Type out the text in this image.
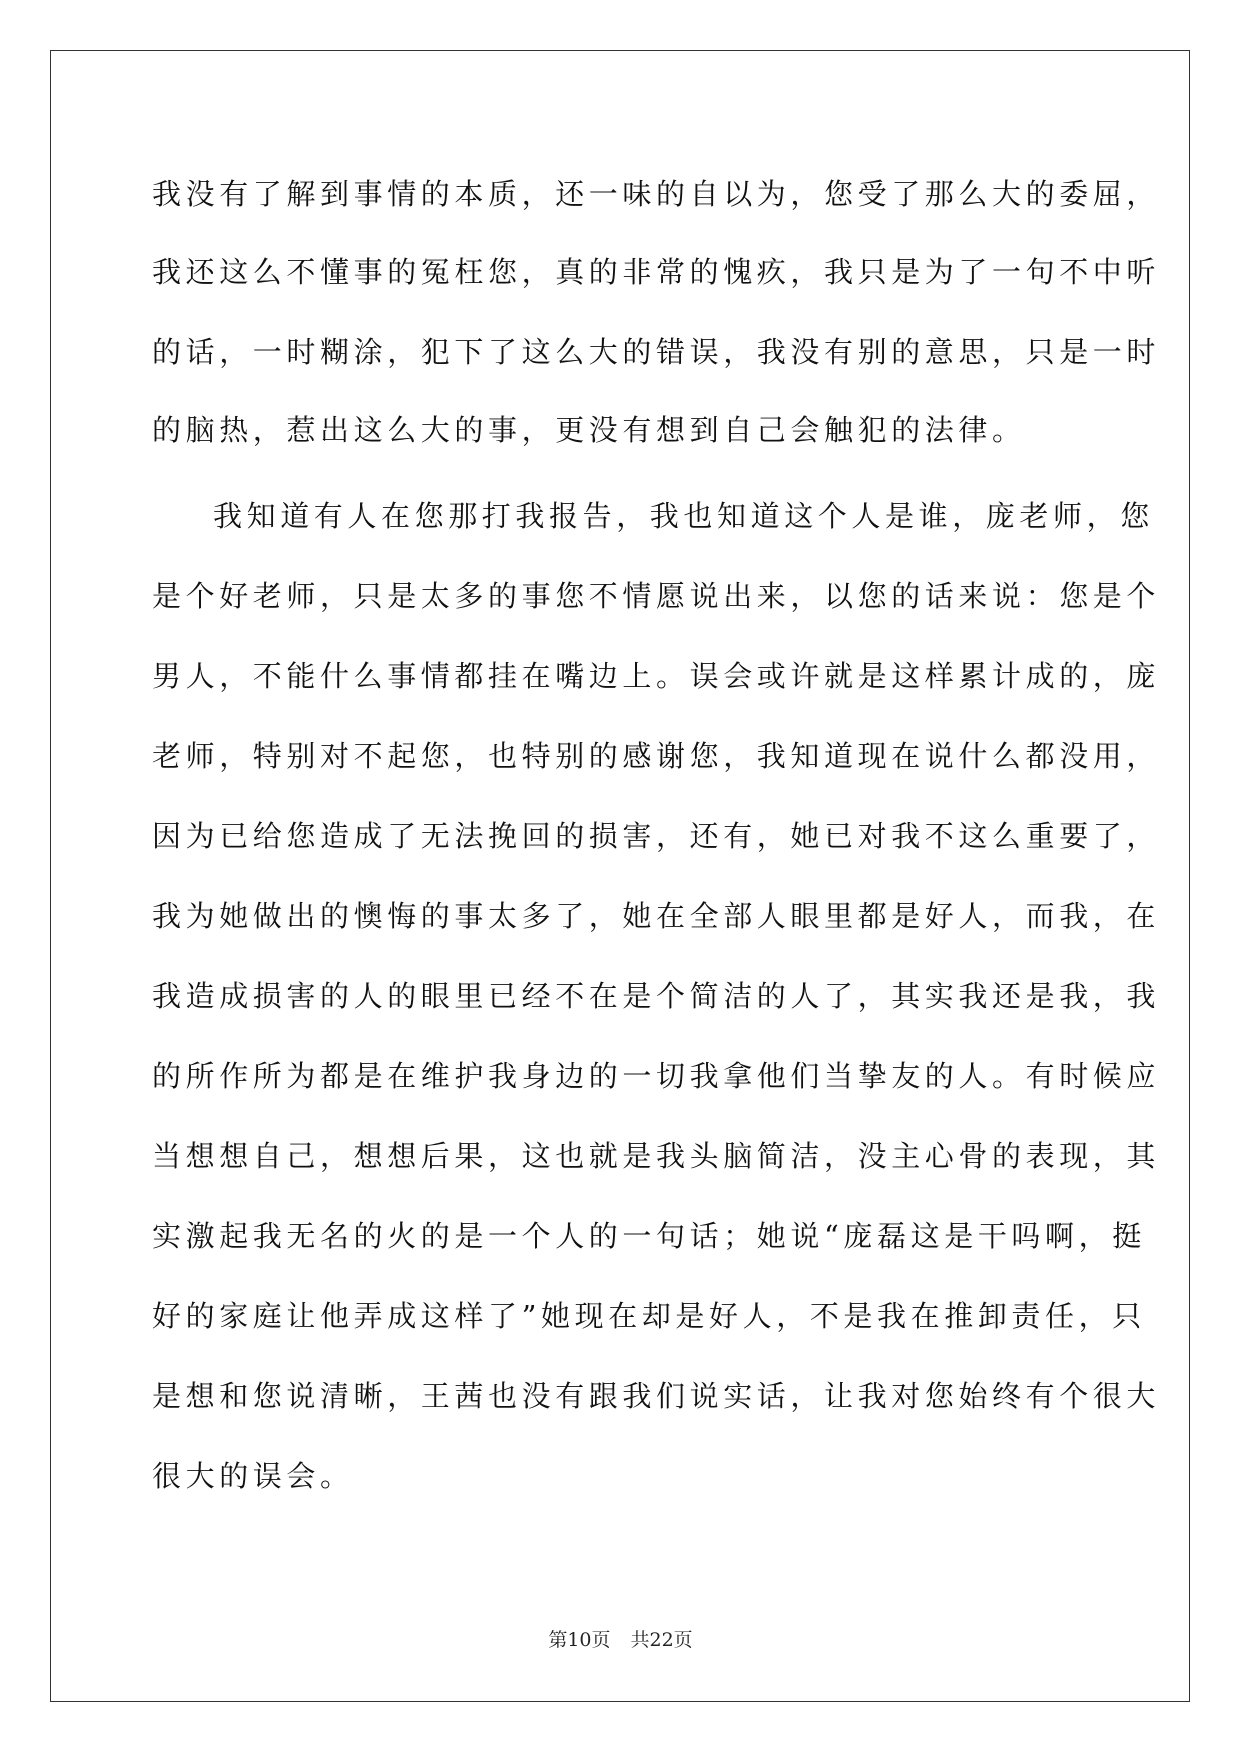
我没有了解到事情的本质，还一味的自以为，您受了那么大的委屈，
我还这么不懂事的冤枉您，真的非常的愧疚，我只是为了一句不中听
的话，一时糊涂，犯下了这么大的错误，我没有别的意思，只是一时
的脑热，惹出这么大的事，更没有想到自己会触犯的法律。
我知道有人在您那打我报告，我也知道这个人是谁，庞老师，您
是个好老师，只是太多的事您不情愿说出来，以您的话来说：您是个
男人，不能什么事情都挂在嘴边上。误会或许就是这样累计成的，庞
老师，特别对不起您，也特别的感谢您，我知道现在说什么都没用，
因为已给您造成了无法挽回的损害，还有，她已对我不这么重要了，
我为她做出的懊悔的事太多了，她在全部人眼里都是好人，而我，在
我造成损害的人的眼里已经不在是个简洁的人了，其实我还是我，我
的所作所为都是在维护我身边的一切我拿他们当挚友的人。有时候应
当想想自己，想想后果，这也就是我头脑简洁，没主心骨的表现，其
实激起我无名的火的是一个人的一句话；她说“庞磊这是干吗啊，挺
好的家庭让他弄成这样了”她现在却是好人，不是我在推卸责任，只
是想和您说清晰，王茜也没有跟我们说实话，让我对您始终有个很大
很大的误会。
第10页 共22页
